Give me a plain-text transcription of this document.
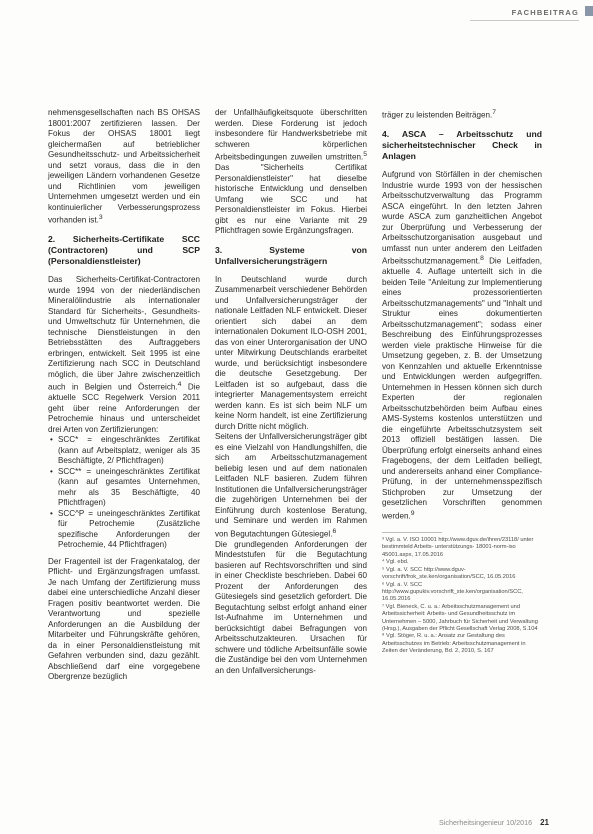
FACHBEITRAG

nehmensgesellschaften nach BS OHSAS 18001:2007 zertifizieren lassen. Der Fokus der OHSAS 18001 liegt gleichermaßen auf betrieblicher Gesundheitsschutz- und Arbeitssicherheit und setzt voraus, dass die in den jeweiligen Ländern vorhandenen Gesetze und Richtlinien vom jeweiligen Unternehmen umgesetzt werden und ein kontinuierlicher Verbesserungsprozess vorhanden ist.$^3$

2. Sicherheits-Certifikate SCC (Contractoren) und SCP (Personaldienstleister)

Das Sicherheits-Certifikat-Contractoren wurde 1994 von der niederländischen Mineralölindustrie als internationaler Standard für Sicherheits-, Gesundheits- und Umweltschutz für Unternehmen, die technische Dienstleistungen in den Betriebsstätten des Auftraggebers erbringen, entwickelt. Seit 1995 ist eine Zertifizierung nach SCC in Deutschland möglich, die über Jahre zwischenzeitlich auch in Belgien und Österreich.$^4$ Die aktuelle SCC Regelwerk Version 2011 geht über reine Anforderungen der Petrochemie hinaus und unterscheidet drei Arten von Zertifizierungen:

• SCC* = eingeschränktes Zertifikat (kann auf Arbeitsplatz, weniger als 35 Beschäftigte, 2/ Pflichtfragen)
• SCC** = uneingeschränktes Zertifikat (kann auf gesamtes Unternehmen, mehr als 35 Beschäftigte, 40 Pflichtfragen)
• SCC^P = uneingeschränktes Zertifikat für Petrochemie (Zusätzliche spezifische Anforderungen der Petrochemie, 44 Pflichtfragen)

Der Fragenteil ist der Fragenkatalog, der Pflicht- und Ergänzungsfragen umfasst. Je nach Umfang der Zertifizierung muss dabei eine unterschiedliche Anzahl dieser Fragen positiv beantwortet werden. Die Verantwortung und spezielle Anforderungen an die Ausbildung der Mitarbeiter und Führungskräfte gehören, da in einer Personaldienstleistung mit Gefahren verbunden sind, dazu gezählt. Abschließend darf eine vorgegebene Obergrenze bezüglich

der Unfallhäufigkeitsquote überschritten werden. Diese Forderung ist jedoch insbesondere für Handwerksbetriebe mit schweren körperlichen Arbeitsbedingungen zuweilen umstritten.$^5$ Das "Sicherheits Certifikat Personaldienstleister" hat dieselbe historische Entwicklung und denselben Umfang wie SCC und hat Personaldienstleister im Fokus. Hierbei gibt es nur eine Variante mit 29 Pflichtfragen sowie Ergänzungsfragen.

3. Systeme von Unfallversicherungsträgern

In Deutschland wurde durch Zusammenarbeit verschiedener Behörden und Unfallversicherungsträger der nationale Leitfaden NLF entwickelt. Dieser orientiert sich dabei an dem internationalen Dokument ILO-OSH 2001, das von einer Unterorganisation der UNO unter Mitwirkung Deutschlands erarbeitet wurde, und berücksichtigt insbesondere die deutsche Gesetzgebung. Der Leitfaden ist so aufgebaut, dass die integrierter Managementsystem erreicht werden kann. Es ist sich beim NLF um keine Norm handelt, ist eine Zertifizierung durch Dritte nicht möglich.

Seitens der Unfallversicherungsträger gibt es eine Vielzahl von Handlungshilfen, die sich am Arbeitsschutzmanagement beliebig lesen und auf dem nationalen Leitfaden NLF basieren. Zudem führen Institutionen die Unfallversicherungsträger die zugehörigen Unternehmen bei der Einführung durch kostenlose Beratung, und Seminare und werden im Rahmen von Begutachtungen Gütesiegel.$^6$

Die grundlegenden Anforderungen der Mindeststufen für die Begutachtung basieren auf Rechtsvorschriften und sind in einer Checkliste beschrieben. Dabei 60 Prozent der Anforderungen des Gütesiegels sind gesetzlich gefordert. Die Begutachtung selbst erfolgt anhand einer Ist-Aufnahme im Unternehmen und berücksichtigt dabei Befragungen von Arbeitsschutzakteuren. Ursachen für schwere und tödliche Arbeitsunfälle sowie die Zuständige bei den vom Unternehmen an den Unfallversicherungs-

träger zu leistenden Beiträgen.$^7$

4. ASCA – Arbeitsschutz und sicherheitstechnischer Check in Anlagen

Aufgrund von Störfällen in der chemischen Industrie wurde 1993 von der hessischen Arbeitsschutzverwaltung das Programm ASCA eingeführt. In den letzten Jahren wurde ASCA zum ganzheitlichen Angebot zur Überprüfung und Verbesserung der Arbeitsschutzorganisation ausgebaut und umfasst nun unter anderem den Leitfaden Arbeitsschutzmanagement.$^8$ Die Leitfaden, aktuelle 4. Auflage unterteilt sich in die beiden Teile "Anleitung zur Implementierung eines prozessorientierten Arbeitsschutzmanagements" und "Inhalt und Struktur eines dokumentierten Arbeitsschutzmanagement"; sodass einer Beschreibung des Einführungsprozesses werden viele praktische Hinweise für die Umsetzung gegeben, z. B. der Umsetzung von Kennzahlen und aktuelle Erkenntnisse und Entwicklungen werden aufgegriffen. Unternehmen in Hessen können sich durch Experten der regionalen Arbeitsschutzbehörden beim Aufbau eines AMS-Systems kostenlos unterstützen und die eingeführte Arbeitsschutzsystem seit 2013 offiziell bestätigen lassen. Die Überprüfung erfolgt einerseits anhand eines Fragebogens, der dem Leitfaden beiliegt, und andererseits anhand einer Compliance-Prüfung, in der unternehmensspezifisch Stichproben zur Umsetzung der gesetzlichen Vorschriften genommen werden.$^9$

³ Vgl. a. V. ISO 10001 http://www.dguv.de/ihren/23118/ unter bestimmteld Arbeits- unterstützungs- 18001-norm-iso 45001.aspx, 17.05.2016
⁴ Vgl. ebd.
⁵ Vgl. a. V. SCC http://www.dguv-vorschrift/frok_ste.ken/organisation/SCC, 16.05.2016
⁶ Vgl. a. V. SCC http://www.gupukiv.vorschrift_ste.ken/organisation/SCC, 16.05.2016
⁷ Vgl. Bieneck, C. u. a.: Arbeitsschutzmanagement und Arbeitssicherheit: Arbeits- und Gesundheitsschutz im Unternehmen – 5000, Jahrbuch für Sicherheit und Verwaltung (Hrsg.), Ausgaben der Pflicht Gesellschaft Verlag 2008, S.104
⁸ Vgl. Stöger, R. u. a.: Ansatz zur Gestaltung des Arbeitsschutzes im Betrieb: Arbeitsschutzmanagement in Zeiten der Veränderung, Bd. 2, 2010, S. 167
Sicherheitsingenieur 10/2016 21
